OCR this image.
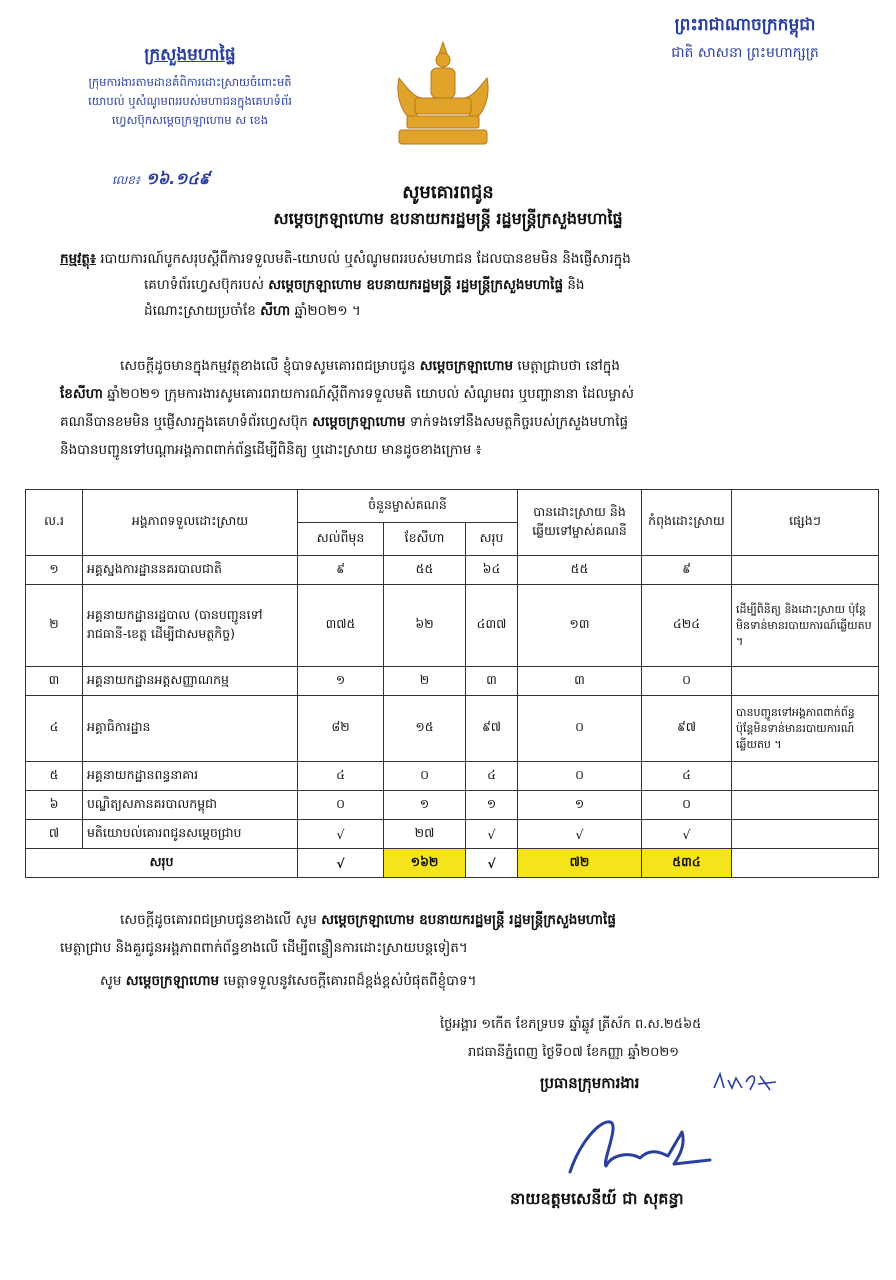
ក្រសួងមហាផ្ទៃ
ក្រុមការងារតាមដានគំពិការដោះស្រាយចំពោះមតិ
យោបល់ ឬសំណូមពររបស់មហាជនក្នុងគេហទំព័រ
ហ្វេសប៊ុកសម្តេចក្រឡាហោម ស ខេង
លេខ៖ ១៦.១៤៩
ព្រះរាជាណាចក្រកម្ពុជា
ជាតិ សាសនា ព្រះមហាក្សត្រ
សូមគោរពជូន
សម្តេចក្រឡាហោម ឧបនាយករដ្ឋមន្ត្រី រដ្ឋមន្ត្រីក្រសួងមហាផ្ទៃ
កម្មវត្ថុ៖ របាយការណ៍បូកសរុបស្តីពីការទទួលមតិ-យោបល់ ឬសំណូមពររបស់មហាជន ដែលបានខមមិន និងផ្ញើសារក្នុង
គេហទំព័រហ្វេសប៊ុករបស់ សម្តេចក្រឡាហោម ឧបនាយករដ្ឋមន្ត្រី រដ្ឋមន្ត្រីក្រសួងមហាផ្ទៃ និង
ដំណោះស្រាយប្រចាំខែ សីហា ឆ្នាំ២០២១ ។
សេចក្តីដូចមានក្នុងកម្មវត្ថុខាងលើ ខ្ញុំបាទសូមគោរពជម្រាបជូន សម្តេចក្រឡាហោម មេត្តាជ្រាបថា នៅក្នុង
ខែសីហា ឆ្នាំ២០២១ ក្រុមការងារសូមគោរពរាយការណ៍ស្តីពីការទទួលមតិ យោបល់ សំណូមពរ ឬបញ្ហានានា ដែលម្ចាស់
គណនីបានខមមិន ឬផ្ញើសារក្នុងគេហទំព័រហ្វេសប៊ុក សម្តេចក្រឡាហោម ទាក់ទងទៅនឹងសមត្ថកិច្ចរបស់ក្រសួងមហាផ្ទៃ
និងបានបញ្ជូនទៅបណ្តាអង្គភាពពាក់ព័ន្ធដើម្បីពិនិត្យ ឬដោះស្រាយ មានដូចខាងក្រោម ៖
ល.រ	អង្គភាពទទួលដោះស្រាយ	ចំនួនម្ចាស់គណនី			បានដោះស្រាយ និងឆ្លើយទៅម្ចាស់គណនី	កំពុងដោះស្រាយ	ផ្សេងៗ
		សល់ពីមុន	ខែសីហា	សរុប			
១	អគ្គស្នងការដ្ឋាននគរបាលជាតិ	៩	៥៥	៦៤	៥៥	៩	
២	អគ្គនាយកដ្ឋានរដ្ឋបាល (បានបញ្ជូនទៅរាជធានី-ខេត្ត ដើម្បីជាសមត្ថកិច្ច)	៣៧៥	៦២	៤៣៧	១៣	៤២៤	ដើម្បីពិនិត្យ និងដោះស្រាយ ប៉ុន្តែមិនទាន់មានរបាយការណ៍ឆ្លើយតប ។
៣	អគ្គនាយកដ្ឋានអត្តសញ្ញាណកម្ម	១	២	៣	៣	០	
៤	អគ្គាធិការដ្ឋាន	៨២	១៥	៩៧	០	៩៧	បានបញ្ជូនទៅអង្គភាពពាក់ព័ន្ធ ប៉ុន្តែមិនទាន់មានរបាយការណ៍ឆ្លើយតប ។
៥	អគ្គនាយកដ្ឋានពន្ធនាគារ	៤	០	៤	០	៤	
៦	បណ្ឌិត្យសភានគរបាលកម្ពុជា	០	១	១	១	០	
៧	មតិយោបល់គោរពជូនសម្តេចជ្រាប	√	២៧	√	√	√	
សរុប		√	១៦២	√	៧២	៥៣៤	
សេចក្តីដូចគោរពជម្រាបជូនខាងលើ សូម សម្តេចក្រឡាហោម ឧបនាយករដ្ឋមន្ត្រី រដ្ឋមន្ត្រីក្រសួងមហាផ្ទៃ
មេត្តាជ្រាប និងគួរជូនអង្គភាពពាក់ព័ន្ធខាងលើ ដើម្បីពន្លឿនការដោះស្រាយបន្តទៀត។
សូម សម្តេចក្រឡាហោម មេត្តាទទួលនូវសេចក្តីគោរពដ៏ខ្ពង់ខ្ពស់បំផុតពីខ្ញុំបាទ។
ថ្ងៃអង្គារ ១កើត ខែភទ្របទ ឆ្នាំឆ្លូវ ត្រីស័ក ព.ស.២៥៦៥
រាជធានីភ្នំពេញ ថ្ងៃទី០៧ ខែកញ្ញា ឆ្នាំ២០២១
ប្រធានក្រុមការងារ
នាយឧត្តមសេនីយ៍ ជា សុគន្ធា
